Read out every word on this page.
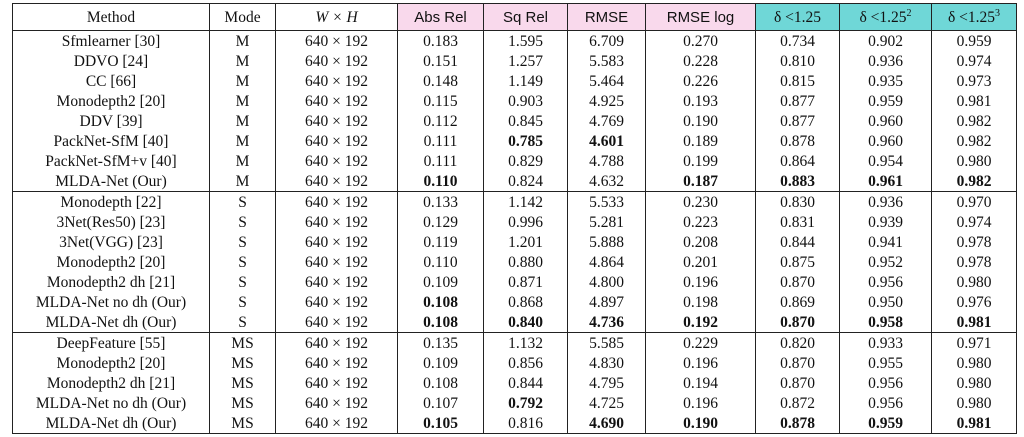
Method	Mode	W × H	Abs Rel	Sq Rel	RMSE	RMSE log	δ <1.25	$\delta <1.25^2$	$\delta <1.25^3$
Sfmlearner [30]	M	640 × 192	0.183	1.595	6.709	0.270	0.734	0.902	0.959
DDVO [24]	M	640 × 192	0.151	1.257	5.583	0.228	0.810	0.936	0.974
CC [66]	M	640 × 192	0.148	1.149	5.464	0.226	0.815	0.935	0.973
Monodepth2 [20]	M	640 × 192	0.115	0.903	4.925	0.193	0.877	0.959	0.981
DDV [39]	M	640 × 192	0.112	0.845	4.769	0.190	0.877	0.960	0.982
PackNet-SfM [40]	M	640 × 192	0.111	0.785	4.601	0.189	0.878	0.960	0.982
PackNet-SfM+v [40]	M	640 × 192	0.111	0.829	4.788	0.199	0.864	0.954	0.980
MLDA-Net (Our)	M	640 × 192	0.110	0.824	4.632	0.187	0.883	0.961	0.982
Monodepth [22]	S	640 × 192	0.133	1.142	5.533	0.230	0.830	0.936	0.970
3Net(Res50) [23]	S	640 × 192	0.129	0.996	5.281	0.223	0.831	0.939	0.974
3Net(VGG) [23]	S	640 × 192	0.119	1.201	5.888	0.208	0.844	0.941	0.978
Monodepth2 [20]	S	640 × 192	0.110	0.880	4.864	0.201	0.875	0.952	0.978
Monodepth2 dh [21]	S	640 × 192	0.109	0.871	4.800	0.196	0.870	0.956	0.980
MLDA-Net no dh (Our)	S	640 × 192	0.108	0.868	4.897	0.198	0.869	0.950	0.976
MLDA-Net dh (Our)	S	640 × 192	0.108	0.840	4.736	0.192	0.870	0.958	0.981
DeepFeature [55]	MS	640 × 192	0.135	1.132	5.585	0.229	0.820	0.933	0.971
Monodepth2 [20]	MS	640 × 192	0.109	0.856	4.830	0.196	0.870	0.955	0.980
Monodepth2 dh [21]	MS	640 × 192	0.108	0.844	4.795	0.194	0.870	0.956	0.980
MLDA-Net no dh (Our)	MS	640 × 192	0.107	0.792	4.725	0.196	0.872	0.956	0.980
MLDA-Net dh (Our)	MS	640 × 192	0.105	0.816	4.690	0.190	0.878	0.959	0.981
